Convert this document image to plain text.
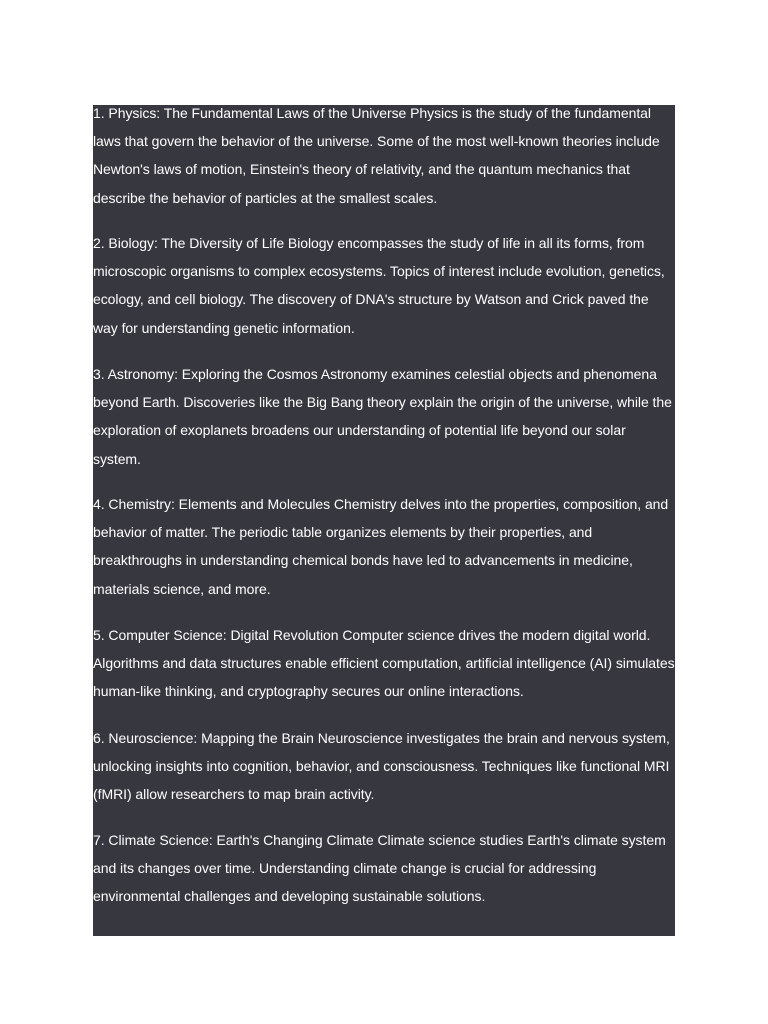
1. Physics: The Fundamental Laws of the Universe Physics is the study of the fundamental laws that govern the behavior of the universe. Some of the most well-known theories include Newton's laws of motion, Einstein's theory of relativity, and the quantum mechanics that describe the behavior of particles at the smallest scales.

2. Biology: The Diversity of Life Biology encompasses the study of life in all its forms, from microscopic organisms to complex ecosystems. Topics of interest include evolution, genetics, ecology, and cell biology. The discovery of DNA's structure by Watson and Crick paved the way for understanding genetic information.

3. Astronomy: Exploring the Cosmos Astronomy examines celestial objects and phenomena beyond Earth. Discoveries like the Big Bang theory explain the origin of the universe, while the exploration of exoplanets broadens our understanding of potential life beyond our solar system.

4. Chemistry: Elements and Molecules Chemistry delves into the properties, composition, and behavior of matter. The periodic table organizes elements by their properties, and breakthroughs in understanding chemical bonds have led to advancements in medicine, materials science, and more.

5. Computer Science: Digital Revolution Computer science drives the modern digital world. Algorithms and data structures enable efficient computation, artificial intelligence (AI) simulates human-like thinking, and cryptography secures our online interactions.

6. Neuroscience: Mapping the Brain Neuroscience investigates the brain and nervous system, unlocking insights into cognition, behavior, and consciousness. Techniques like functional MRI (fMRI) allow researchers to map brain activity.

7. Climate Science: Earth's Changing Climate Climate science studies Earth's climate system and its changes over time. Understanding climate change is crucial for addressing environmental challenges and developing sustainable solutions.
